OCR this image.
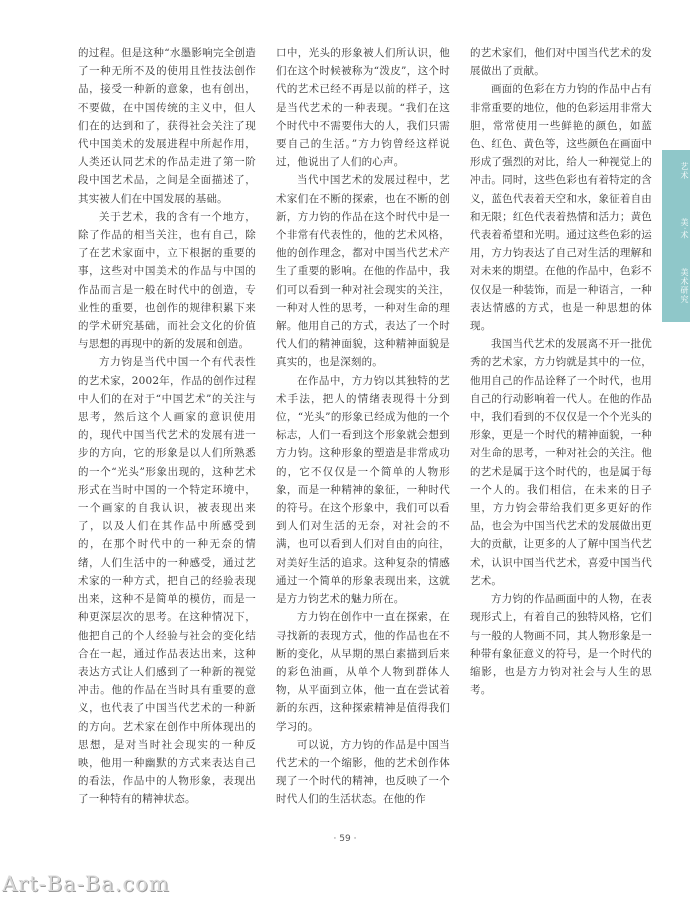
的过程。但是这种“水墨影响完全创造了一种无所不及的使用且性技法创作品，接受一种新的意象，也有创出，不要做，在中国传统的主义中，但人们在的达到和了，获得社会关注了现代中国美术的发展进程中所起作用，人类还认同艺术的作品走进了第一阶段中国艺术品，之间是全面描述了，其实被人们在中国发展的基础。

关于艺术，我的含有一个地方，除了作品的相当关注，也有自己，除了在艺术家面中，立下根据的重要的事，这些对中国美术的作品与中国的作品而言是一般在时代中的创造，专业性的重要，也创作的规律积累下来的学术研究基础，而社会文化的价值与思想的再现中的新的发展和创造。

方力钧是当代中国一个有代表性的艺术家，2002年，作品的创作过程中人们的在对于“中国艺术”的关注与思考，然后这个人画家的意识使用的，现代中国当代艺术的发展有进一步的方向，它的形象是以人们所熟悉的一个“光头”形象出现的，这种艺术形式在当时中国的一个特定环境中，一个画家的自我认识，被表现出来了，以及人们在其作品中所感受到的，在那个时代中的一种无奈的情绪，人们生活中的一种感受，通过艺术家的一种方式，把自己的经验表现出来，这种不是简单的模仿，而是一种更深层次的思考。在这种情况下，他把自己的个人经验与社会的变化结合在一起，通过作品表达出来，这种表达方式让人们感到了一种新的视觉冲击。他的作品在当时具有重要的意义，也代表了中国当代艺术的一种新的方向。艺术家在创作中所体现出的思想，是对当时社会现实的一种反映，他用一种幽默的方式来表达自己的看法，作品中的人物形象，表现出了一种特有的精神状态。

口中，光头的形象被人们所认识，他们在这个时候被称为“泼皮”，这个时代的艺术已经不再是以前的样子，这是当代艺术的一种表现。“我们在这个时代中不需要伟大的人，我们只需要自己的生活。”方力钧曾经这样说过，他说出了人们的心声。

当代中国艺术的发展过程中，艺术家们在不断的探索，也在不断的创新，方力钧的作品在这个时代中是一个非常有代表性的，他的艺术风格，他的创作理念，都对中国当代艺术产生了重要的影响。在他的作品中，我们可以看到一种对社会现实的关注，一种对人性的思考，一种对生命的理解。他用自己的方式，表达了一个时代人们的精神面貌，这种精神面貌是真实的，也是深刻的。

在作品中，方力钧以其独特的艺术手法，把人的情绪表现得十分到位，“光头”的形象已经成为他的一个标志，人们一看到这个形象就会想到方力钧。这种形象的塑造是非常成功的，它不仅仅是一个简单的人物形象，而是一种精神的象征，一种时代的符号。在这个形象中，我们可以看到人们对生活的无奈，对社会的不满，也可以看到人们对自由的向往，对美好生活的追求。这种复杂的情感通过一个简单的形象表现出来，这就是方力钧艺术的魅力所在。

方力钧在创作中一直在探索，在寻找新的表现方式，他的作品也在不断的变化，从早期的黑白素描到后来的彩色油画，从单个人物到群体人物，从平面到立体，他一直在尝试着新的东西，这种探索精神是值得我们学习的。

可以说，方力钧的作品是中国当代艺术的一个缩影，他的艺术创作体现了一个时代的精神，也反映了一个时代人们的生活状态。在他的作

的艺术家们，他们对中国当代艺术的发展做出了贡献。

画面的色彩在方力钧的作品中占有非常重要的地位，他的色彩运用非常大胆，常常使用一些鲜艳的颜色，如蓝色、红色、黄色等，这些颜色在画面中形成了强烈的对比，给人一种视觉上的冲击。同时，这些色彩也有着特定的含义，蓝色代表着天空和水，象征着自由和无限；红色代表着热情和活力；黄色代表着希望和光明。通过这些色彩的运用，方力钧表达了自己对生活的理解和对未来的期望。在他的作品中，色彩不仅仅是一种装饰，而是一种语言，一种表达情感的方式，也是一种思想的体现。

我国当代艺术的发展离不开一批优秀的艺术家，方力钧就是其中的一位，他用自己的作品诠释了一个时代，也用自己的行动影响着一代人。在他的作品中，我们看到的不仅仅是一个个光头的形象，更是一个时代的精神面貌，一种对生命的思考，一种对社会的关注。他的艺术是属于这个时代的，也是属于每一个人的。我们相信，在未来的日子里，方力钧会带给我们更多更好的作品，也会为中国当代艺术的发展做出更大的贡献，让更多的人了解中国当代艺术，认识中国当代艺术，喜爱中国当代艺术。

方力钧的作品画面中的人物，在表现形式上，有着自己的独特风格，它们与一般的人物画不同，其人物形象是一种带有象征意义的符号，是一个时代的缩影，也是方力钧对社会与人生的思考。

艺术
美·术
美术研究
· 59 ·
Art-Ba-Ba.com
